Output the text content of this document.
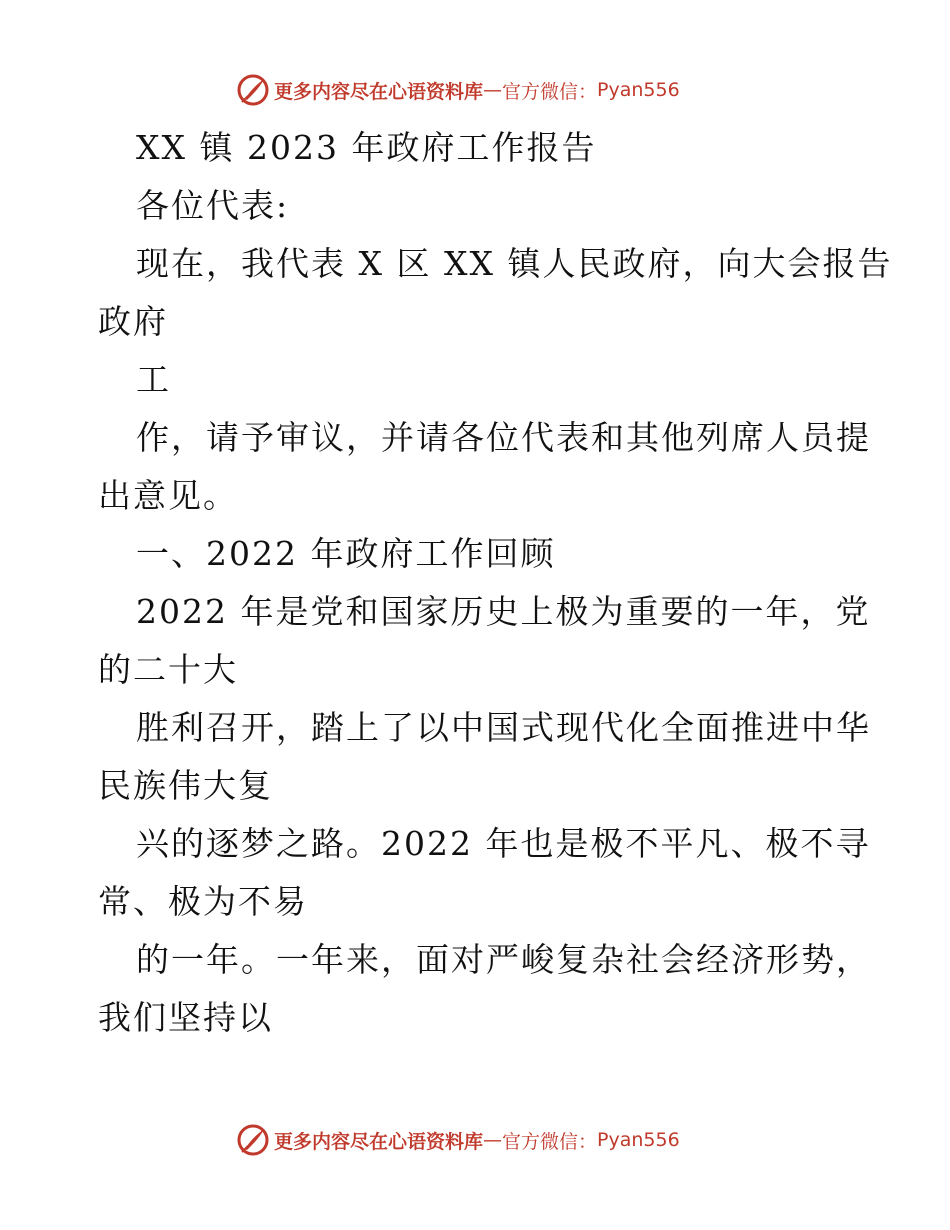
更多内容尽在心语资料库 — 官方微信： Pyan556
XX 镇 2023 年政府工作报告
各位代表:
现在，我代表 X 区 XX 镇人民政府，向大会报告
政府
工
作，请予审议，并请各位代表和其他列席人员提
出意见。
一、2022 年政府工作回顾
2022 年是党和国家历史上极为重要的一年，党
的二十大
胜利召开，踏上了以中国式现代化全面推进中华
民族伟大复
兴的逐梦之路。2022 年也是极不平凡、极不寻
常、极为不易
的一年。一年来，面对严峻复杂社会经济形势，
我们坚持以
更多内容尽在心语资料库 — 官方微信： Pyan556
